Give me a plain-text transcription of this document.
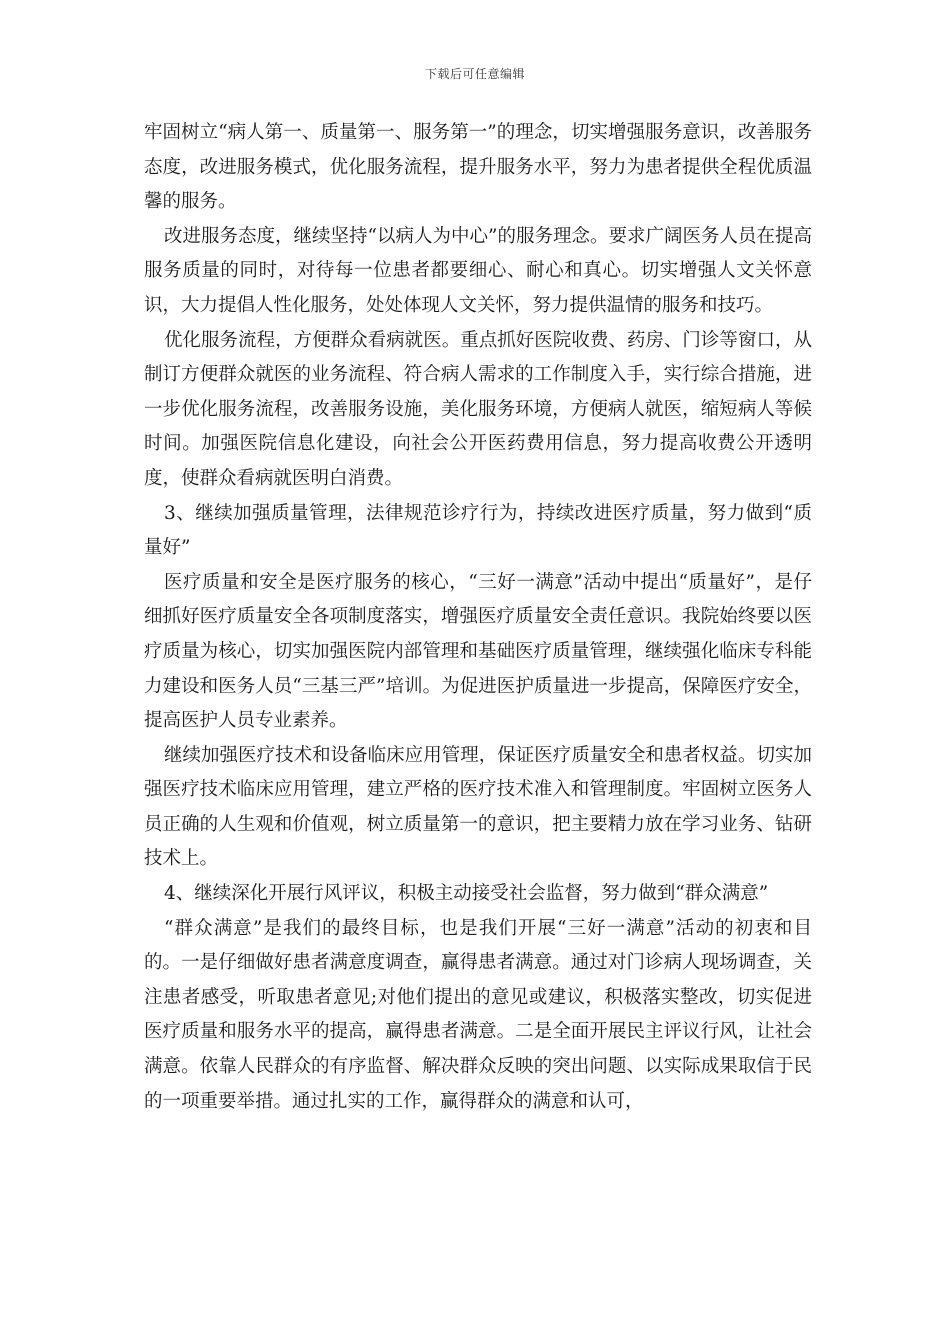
下载后可任意编辑

牢固树立“病人第一、质量第一、服务第一”的理念，切实增强服务意识，改善服务态度，改进服务模式，优化服务流程，提升服务水平，努力为患者提供全程优质温馨的服务。

改进服务态度，继续坚持“以病人为中心”的服务理念。要求广阔医务人员在提高服务质量的同时，对待每一位患者都要细心、耐心和真心。切实增强人文关怀意识，大力提倡人性化服务，处处体现人文关怀，努力提供温情的服务和技巧。

优化服务流程，方便群众看病就医。重点抓好医院收费、药房、门诊等窗口，从制订方便群众就医的业务流程、符合病人需求的工作制度入手，实行综合措施，进一步优化服务流程，改善服务设施，美化服务环境，方便病人就医，缩短病人等候时间。加强医院信息化建设，向社会公开医药费用信息，努力提高收费公开透明度，使群众看病就医明白消费。

3、继续加强质量管理，法律规范诊疗行为，持续改进医疗质量，努力做到“质量好”

医疗质量和安全是医疗服务的核心，“三好一满意”活动中提出“质量好”，是仔细抓好医疗质量安全各项制度落实，增强医疗质量安全责任意识。我院始终要以医疗质量为核心，切实加强医院内部管理和基础医疗质量管理，继续强化临床专科能力建设和医务人员“三基三严”培训。为促进医护质量进一步提高，保障医疗安全，提高医护人员专业素养。

继续加强医疗技术和设备临床应用管理，保证医疗质量安全和患者权益。切实加强医疗技术临床应用管理，建立严格的医疗技术准入和管理制度。牢固树立医务人员正确的人生观和价值观，树立质量第一的意识，把主要精力放在学习业务、钻研技术上。

4、继续深化开展行风评议，积极主动接受社会监督，努力做到“群众满意”

“群众满意”是我们的最终目标，也是我们开展“三好一满意”活动的初衷和目的。一是仔细做好患者满意度调查，赢得患者满意。通过对门诊病人现场调查，关注患者感受，听取患者意见;对他们提出的意见或建议，积极落实整改，切实促进医疗质量和服务水平的提高，赢得患者满意。二是全面开展民主评议行风，让社会满意。依靠人民群众的有序监督、解决群众反映的突出问题、以实际成果取信于民的一项重要举措。通过扎实的工作，赢得群众的满意和认可，
